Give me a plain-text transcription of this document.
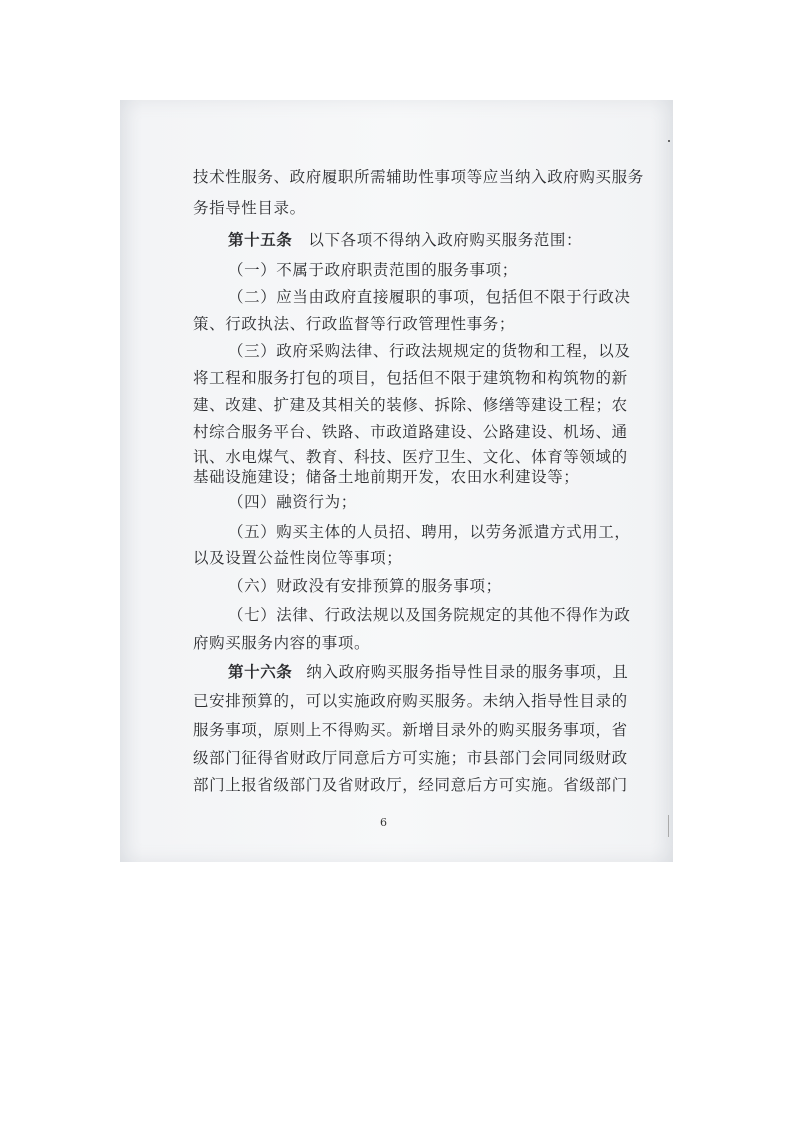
技术性服务、政府履职所需辅助性事项等应当纳入政府购买服务
务指导性目录。
第十五条 以下各项不得纳入政府购买服务范围：
（一）不属于政府职责范围的服务事项；
（二）应当由政府直接履职的事项，包括但不限于行政决
策、行政执法、行政监督等行政管理性事务；
（三）政府采购法律、行政法规规定的货物和工程，以及
将工程和服务打包的项目，包括但不限于建筑物和构筑物的新
建、改建、扩建及其相关的装修、拆除、修缮等建设工程；农
村综合服务平台、铁路、市政道路建设、公路建设、机场、通
讯、水电煤气、教育、科技、医疗卫生、文化、体育等领域的
基础设施建设；储备土地前期开发，农田水利建设等；
（四）融资行为；
（五）购买主体的人员招、聘用，以劳务派遣方式用工，
以及设置公益性岗位等事项；
（六）财政没有安排预算的服务事项；
（七）法律、行政法规以及国务院规定的其他不得作为政
府购买服务内容的事项。
第十六条 纳入政府购买服务指导性目录的服务事项，且
已安排预算的，可以实施政府购买服务。未纳入指导性目录的
服务事项，原则上不得购买。新增目录外的购买服务事项，省
级部门征得省财政厅同意后方可实施；市县部门会同同级财政
部门上报省级部门及省财政厅，经同意后方可实施。省级部门
6
